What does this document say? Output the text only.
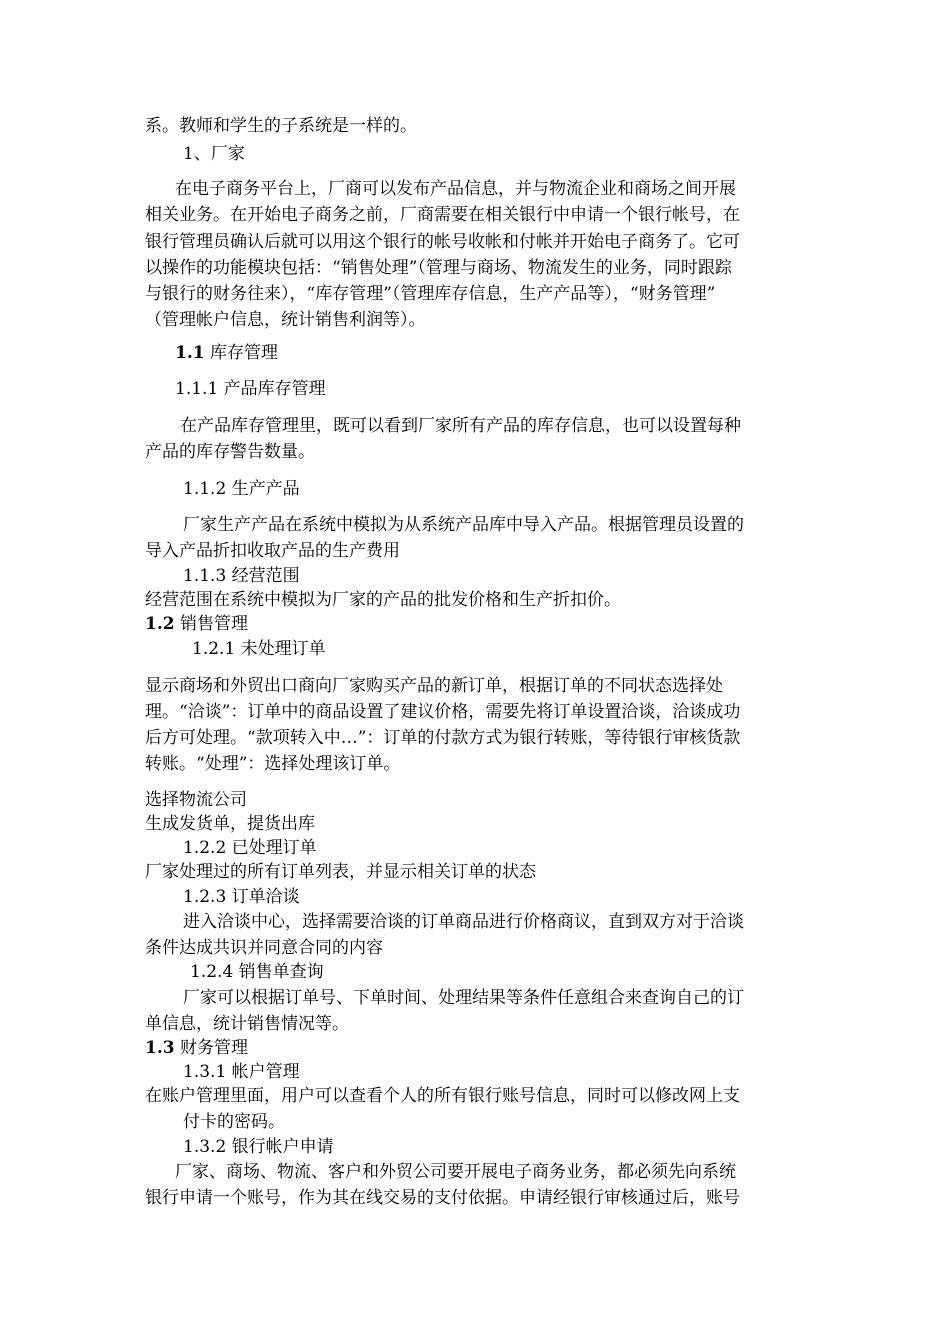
系。教师和学生的子系统是一样的。
1、厂家
在电子商务平台上，厂商可以发布产品信息，并与物流企业和商场之间开展
相关业务。在开始电子商务之前，厂商需要在相关银行中申请一个银行帐号，在
银行管理员确认后就可以用这个银行的帐号收帐和付帐并开始电子商务了。它可
以操作的功能模块包括：“销售处理”（管理与商场、物流发生的业务，同时跟踪
与银行的财务往来），“库存管理”（管理库存信息，生产产品等），“财务管理”
（管理帐户信息，统计销售利润等）。
1.1 库存管理
1.1.1 产品库存管理
在产品库存管理里，既可以看到厂家所有产品的库存信息，也可以设置每种
产品的库存警告数量。
1.1.2 生产产品
厂家生产产品在系统中模拟为从系统产品库中导入产品。根据管理员设置的
导入产品折扣收取产品的生产费用
1.1.3 经营范围
经营范围在系统中模拟为厂家的产品的批发价格和生产折扣价。
1.2 销售管理
1.2.1 未处理订单
显示商场和外贸出口商向厂家购买产品的新订单，根据订单的不同状态选择处
理。“洽谈”：订单中的商品设置了建议价格，需要先将订单设置洽谈，洽谈成功
后方可处理。“款项转入中…”：订单的付款方式为银行转账，等待银行审核货款
转账。“处理”：选择处理该订单。
选择物流公司
生成发货单，提货出库
1.2.2 已处理订单
厂家处理过的所有订单列表，并显示相关订单的状态
1.2.3 订单洽谈
进入洽谈中心，选择需要洽谈的订单商品进行价格商议，直到双方对于洽谈
条件达成共识并同意合同的内容
1.2.4 销售单查询
厂家可以根据订单号、下单时间、处理结果等条件任意组合来查询自己的订
单信息，统计销售情况等。
1.3 财务管理
1.3.1 帐户管理
在账户管理里面，用户可以查看个人的所有银行账号信息，同时可以修改网上支
付卡的密码。
1.3.2 银行帐户申请
厂家、商场、物流、客户和外贸公司要开展电子商务业务，都必须先向系统
银行申请一个账号，作为其在线交易的支付依据。申请经银行审核通过后，账号
